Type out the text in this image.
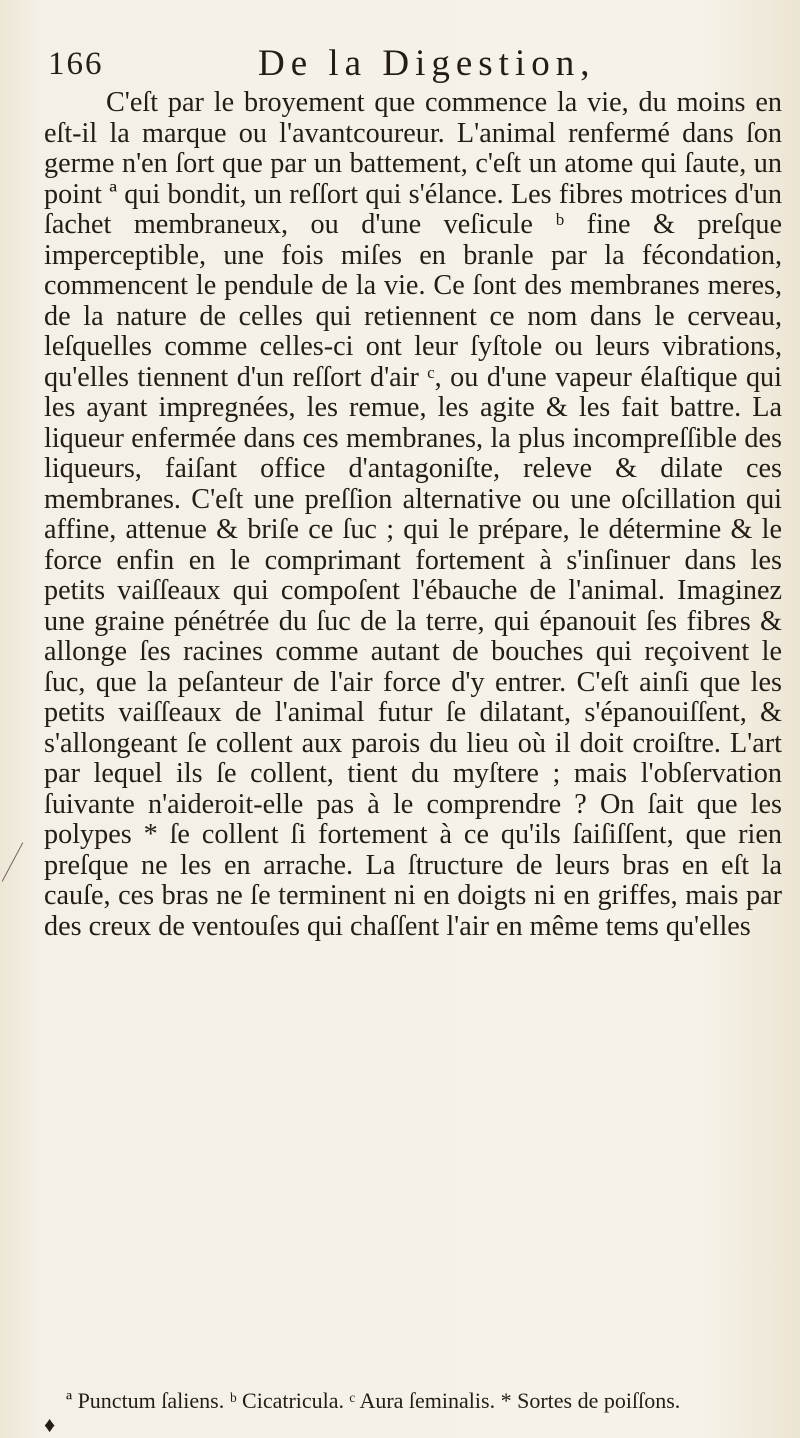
166	De la Digestion,

C'eſt par le broyement que commence la vie, du moins en eſt-il la marque ou l'avantcoureur. L'animal renfermé dans ſon germe n'en ſort que par un battement, c'eſt un atome qui ſaute, un point ª qui bondit, un reſſort qui s'élance. Les fibres motrices d'un ſachet membraneux, ou d'une veſicule ᵇ fine & preſque imperceptible, une fois miſes en branle par la fécondation, commencent le pendule de la vie. Ce ſont des membranes meres, de la nature de celles qui retiennent ce nom dans le cerveau, leſquelles comme celles-ci ont leur ſyſtole ou leurs vibrations, qu'elles tiennent d'un reſſort d'air ᶜ, ou d'une vapeur élaſtique qui les ayant impregnées, les remue, les agite & les fait battre. La liqueur enfermée dans ces membranes, la plus incompreſſible des liqueurs, faiſant office d'antagoniſte, releve & dilate ces membranes. C'eſt une preſſion alternative ou une oſcillation qui affine, attenue & briſe ce ſuc ; qui le prépare, le détermine & le force enfin en le comprimant fortement à s'inſinuer dans les petits vaiſſeaux qui compoſent l'ébauche de l'animal. Imaginez une graine pénétrée du ſuc de la terre, qui épanouit ſes fibres & allonge ſes racines comme autant de bouches qui reçoivent le ſuc, que la peſanteur de l'air force d'y entrer. C'eſt ainſi que les petits vaiſſeaux de l'animal futur ſe dilatant, s'épanouiſſent, & s'allongeant ſe collent aux parois du lieu où il doit croiſtre. L'art par lequel ils ſe collent, tient du myſtere ; mais l'obſervation ſuivante n'aideroit-elle pas à le comprendre ? On ſait que les polypes * ſe collent ſi fortement à ce qu'ils ſaiſiſſent, que rien preſque ne les en arrache. La ſtructure de leurs bras en eſt la cauſe, ces bras ne ſe terminent ni en doigts ni en griffes, mais par des creux de ventouſes qui chaſſent l'air en même tems qu'elles

ª Punctum ſaliens. ᵇ Cicatricula. ᶜ Aura ſeminalis. * Sortes de poiſſons.
♦
